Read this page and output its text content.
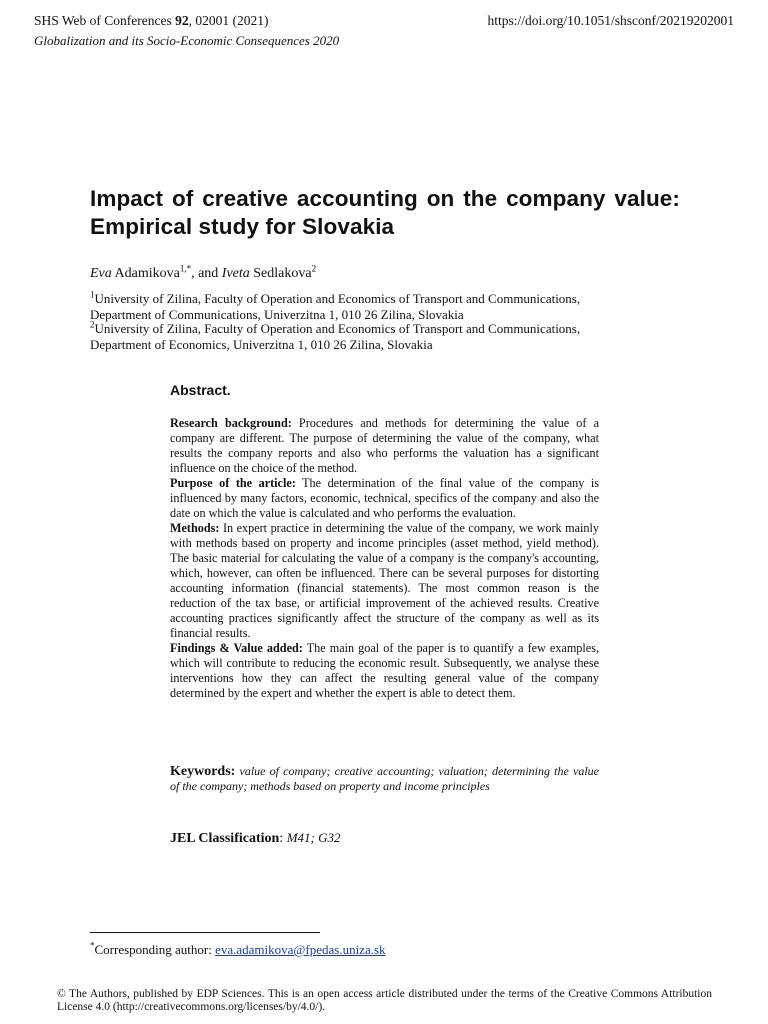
SHS Web of Conferences 92, 02001 (2021)	https://doi.org/10.1051/shsconf/20219202001
Globalization and its Socio-Economic Consequences 2020
Impact of creative accounting on the company value: Empirical study for Slovakia
Eva Adamikova$^{1,*}$, and Iveta Sedlakova$^2$

$^1$University of Zilina, Faculty of Operation and Economics of Transport and Communications,

Department of Communications, Univerzitna 1, 010 26 Zilina, Slovakia

$^2$University of Zilina, Faculty of Operation and Economics of Transport and Communications,

Department of Economics, Univerzitna 1, 010 26 Zilina, Slovakia

Abstract.

Research background: Procedures and methods for determining the value of a company are different. The purpose of determining the value of the company, what results the company reports and also who performs the valuation has a significant influence on the choice of the method.

Purpose of the article: The determination of the final value of the company is influenced by many factors, economic, technical, specifics of the company and also the date on which the value is calculated and who performs the evaluation.

Methods: In expert practice in determining the value of the company, we work mainly with methods based on property and income principles (asset method, yield method). The basic material for calculating the value of a company is the company's accounting, which, however, can often be influenced. There can be several purposes for distorting accounting information (financial statements). The most common reason is the reduction of the tax base, or artificial improvement of the achieved results. Creative accounting practices significantly affect the structure of the company as well as its financial results.

Findings & Value added: The main goal of the paper is to quantify a few examples, which will contribute to reducing the economic result. Subsequently, we analyse these interventions how they can affect the resulting general value of the company determined by the expert and whether the expert is able to detect them.

Keywords: value of company; creative accounting; valuation; determining the value of the company; methods based on property and income principles
JEL Classification: M41; G32
*Corresponding author: eva.adamikova@fpedas.uniza.sk
© The Authors, published by EDP Sciences. This is an open access article distributed under the terms of the Creative Commons Attribution License 4.0 (http://creativecommons.org/licenses/by/4.0/).
